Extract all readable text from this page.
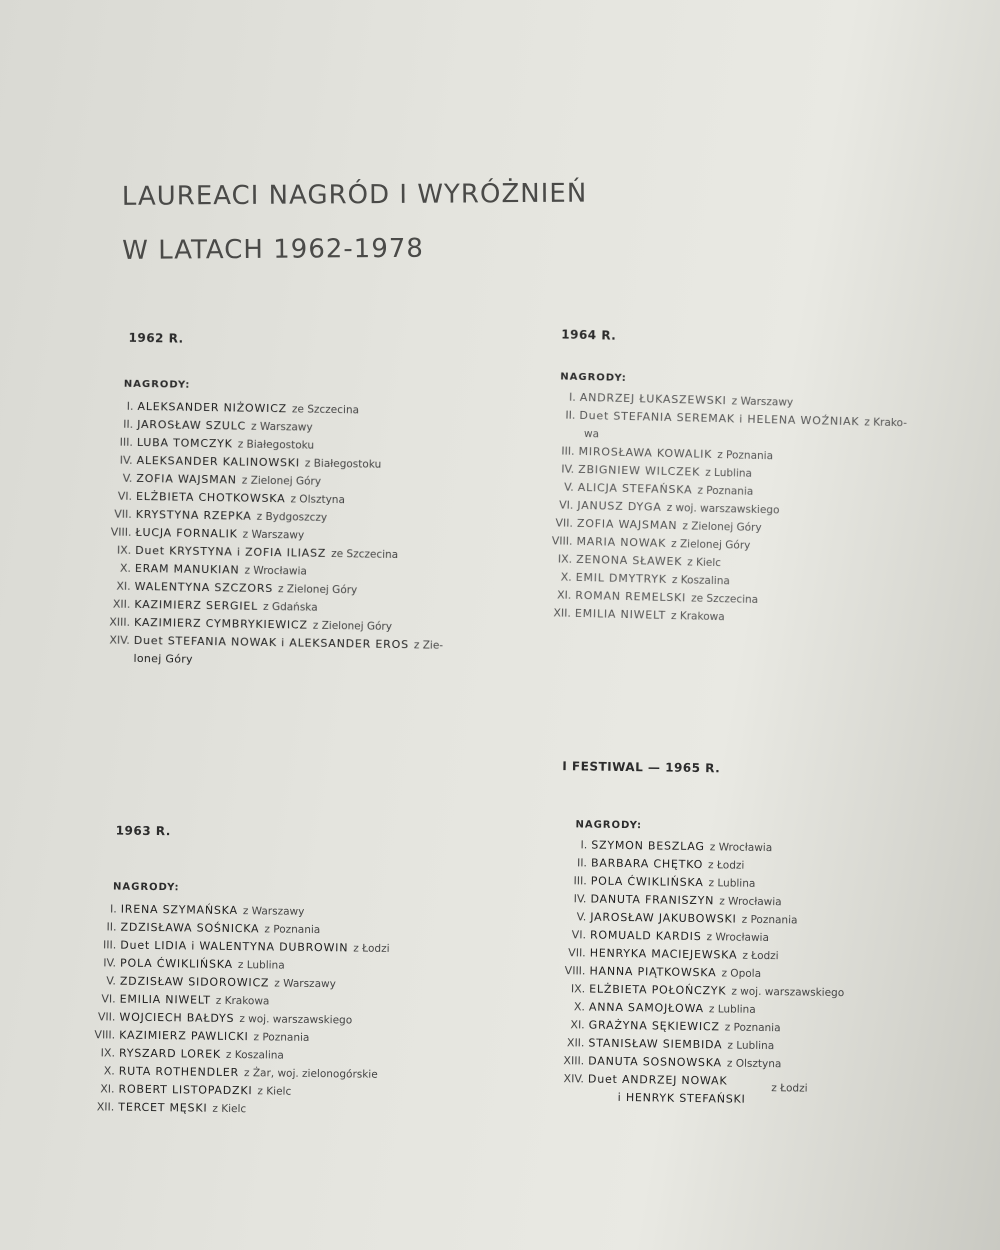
LAUREACI NAGRÓD I WYRÓŻNIEŃ
W LATACH 1962-1978
1962 R.
NAGRODY:
I. ALEKSANDER NIŻOWICZ ze Szczecina
II. JAROSŁAW SZULC z Warszawy
III. LUBA TOMCZYK z Białegostoku
IV. ALEKSANDER KALINOWSKI z Białegostoku
V. ZOFIA WAJSMAN z Zielonej Góry
VI. ELŻBIETA CHOTKOWSKA z Olsztyna
VII. KRYSTYNA RZEPKA z Bydgoszczy
VIII. ŁUCJA FORNALIK z Warszawy
IX. Duet KRYSTYNA i ZOFIA ILIASZ ze Szczecina
X. ERAM MANUKIAN z Wrocławia
XI. WALENTYNA SZCZORS z Zielonej Góry
XII. KAZIMIERZ SERGIEL z Gdańska
XIII. KAZIMIERZ CYMBRYKIEWICZ z Zielonej Góry
XIV. Duet STEFANIA NOWAK i ALEKSANDER EROS z Zie-
lonej Góry
1964 R.
NAGRODY:
I. ANDRZEJ ŁUKASZEWSKI z Warszawy
II. Duet STEFANIA SEREMAK i HELENA WOŹNIAK z Krako-
wa
III. MIROSŁAWA KOWALIK z Poznania
IV. ZBIGNIEW WILCZEK z Lublina
V. ALICJA STEFAŃSKA z Poznania
VI. JANUSZ DYGA z woj. warszawskiego
VII. ZOFIA WAJSMAN z Zielonej Góry
VIII. MARIA NOWAK z Zielonej Góry
IX. ZENONA SŁAWEK z Kielc
X. EMIL DMYTRYK z Koszalina
XI. ROMAN REMELSKI ze Szczecina
XII. EMILIA NIWELT z Krakowa
1963 R.
NAGRODY:
I. IRENA SZYMAŃSKA z Warszawy
II. ZDZISŁAWA SOŚNICKA z Poznania
III. Duet LIDIA i WALENTYNA DUBROWIN z Łodzi
IV. POLA ĆWIKLIŃSKA z Lublina
V. ZDZISŁAW SIDOROWICZ z Warszawy
VI. EMILIA NIWELT z Krakowa
VII. WOJCIECH BAŁDYS z woj. warszawskiego
VIII. KAZIMIERZ PAWLICKI z Poznania
IX. RYSZARD LOREK z Koszalina
X. RUTA ROTHENDLER z Żar, woj. zielonogórskie
XI. ROBERT LISTOPADZKI z Kielc
XII. TERCET MĘSKI z Kielc
I FESTIWAL — 1965 R.
NAGRODY:
I. SZYMON BESZLAG z Wrocławia
II. BARBARA CHĘTKO z Łodzi
III. POLA ĆWIKLIŃSKA z Lublina
IV. DANUTA FRANISZYN z Wrocławia
V. JAROSŁAW JAKUBOWSKI z Poznania
VI. ROMUALD KARDIS z Wrocławia
VII. HENRYKA MACIEJEWSKA z Łodzi
VIII. HANNA PIĄTKOWSKA z Opola
IX. ELŻBIETA POŁOŃCZYK z woj. warszawskiego
X. ANNA SAMOJŁOWA z Lublina
XI. GRAŻYNA SĘKIEWICZ z Poznania
XII. STANISŁAW SIEMBIDA z Lublina
XIII. DANUTA SOSNOWSKA z Olsztyna
XIV. Duet ANDRZEJ NOWAK
z Łodzi
i HENRYK STEFAŃSKI
